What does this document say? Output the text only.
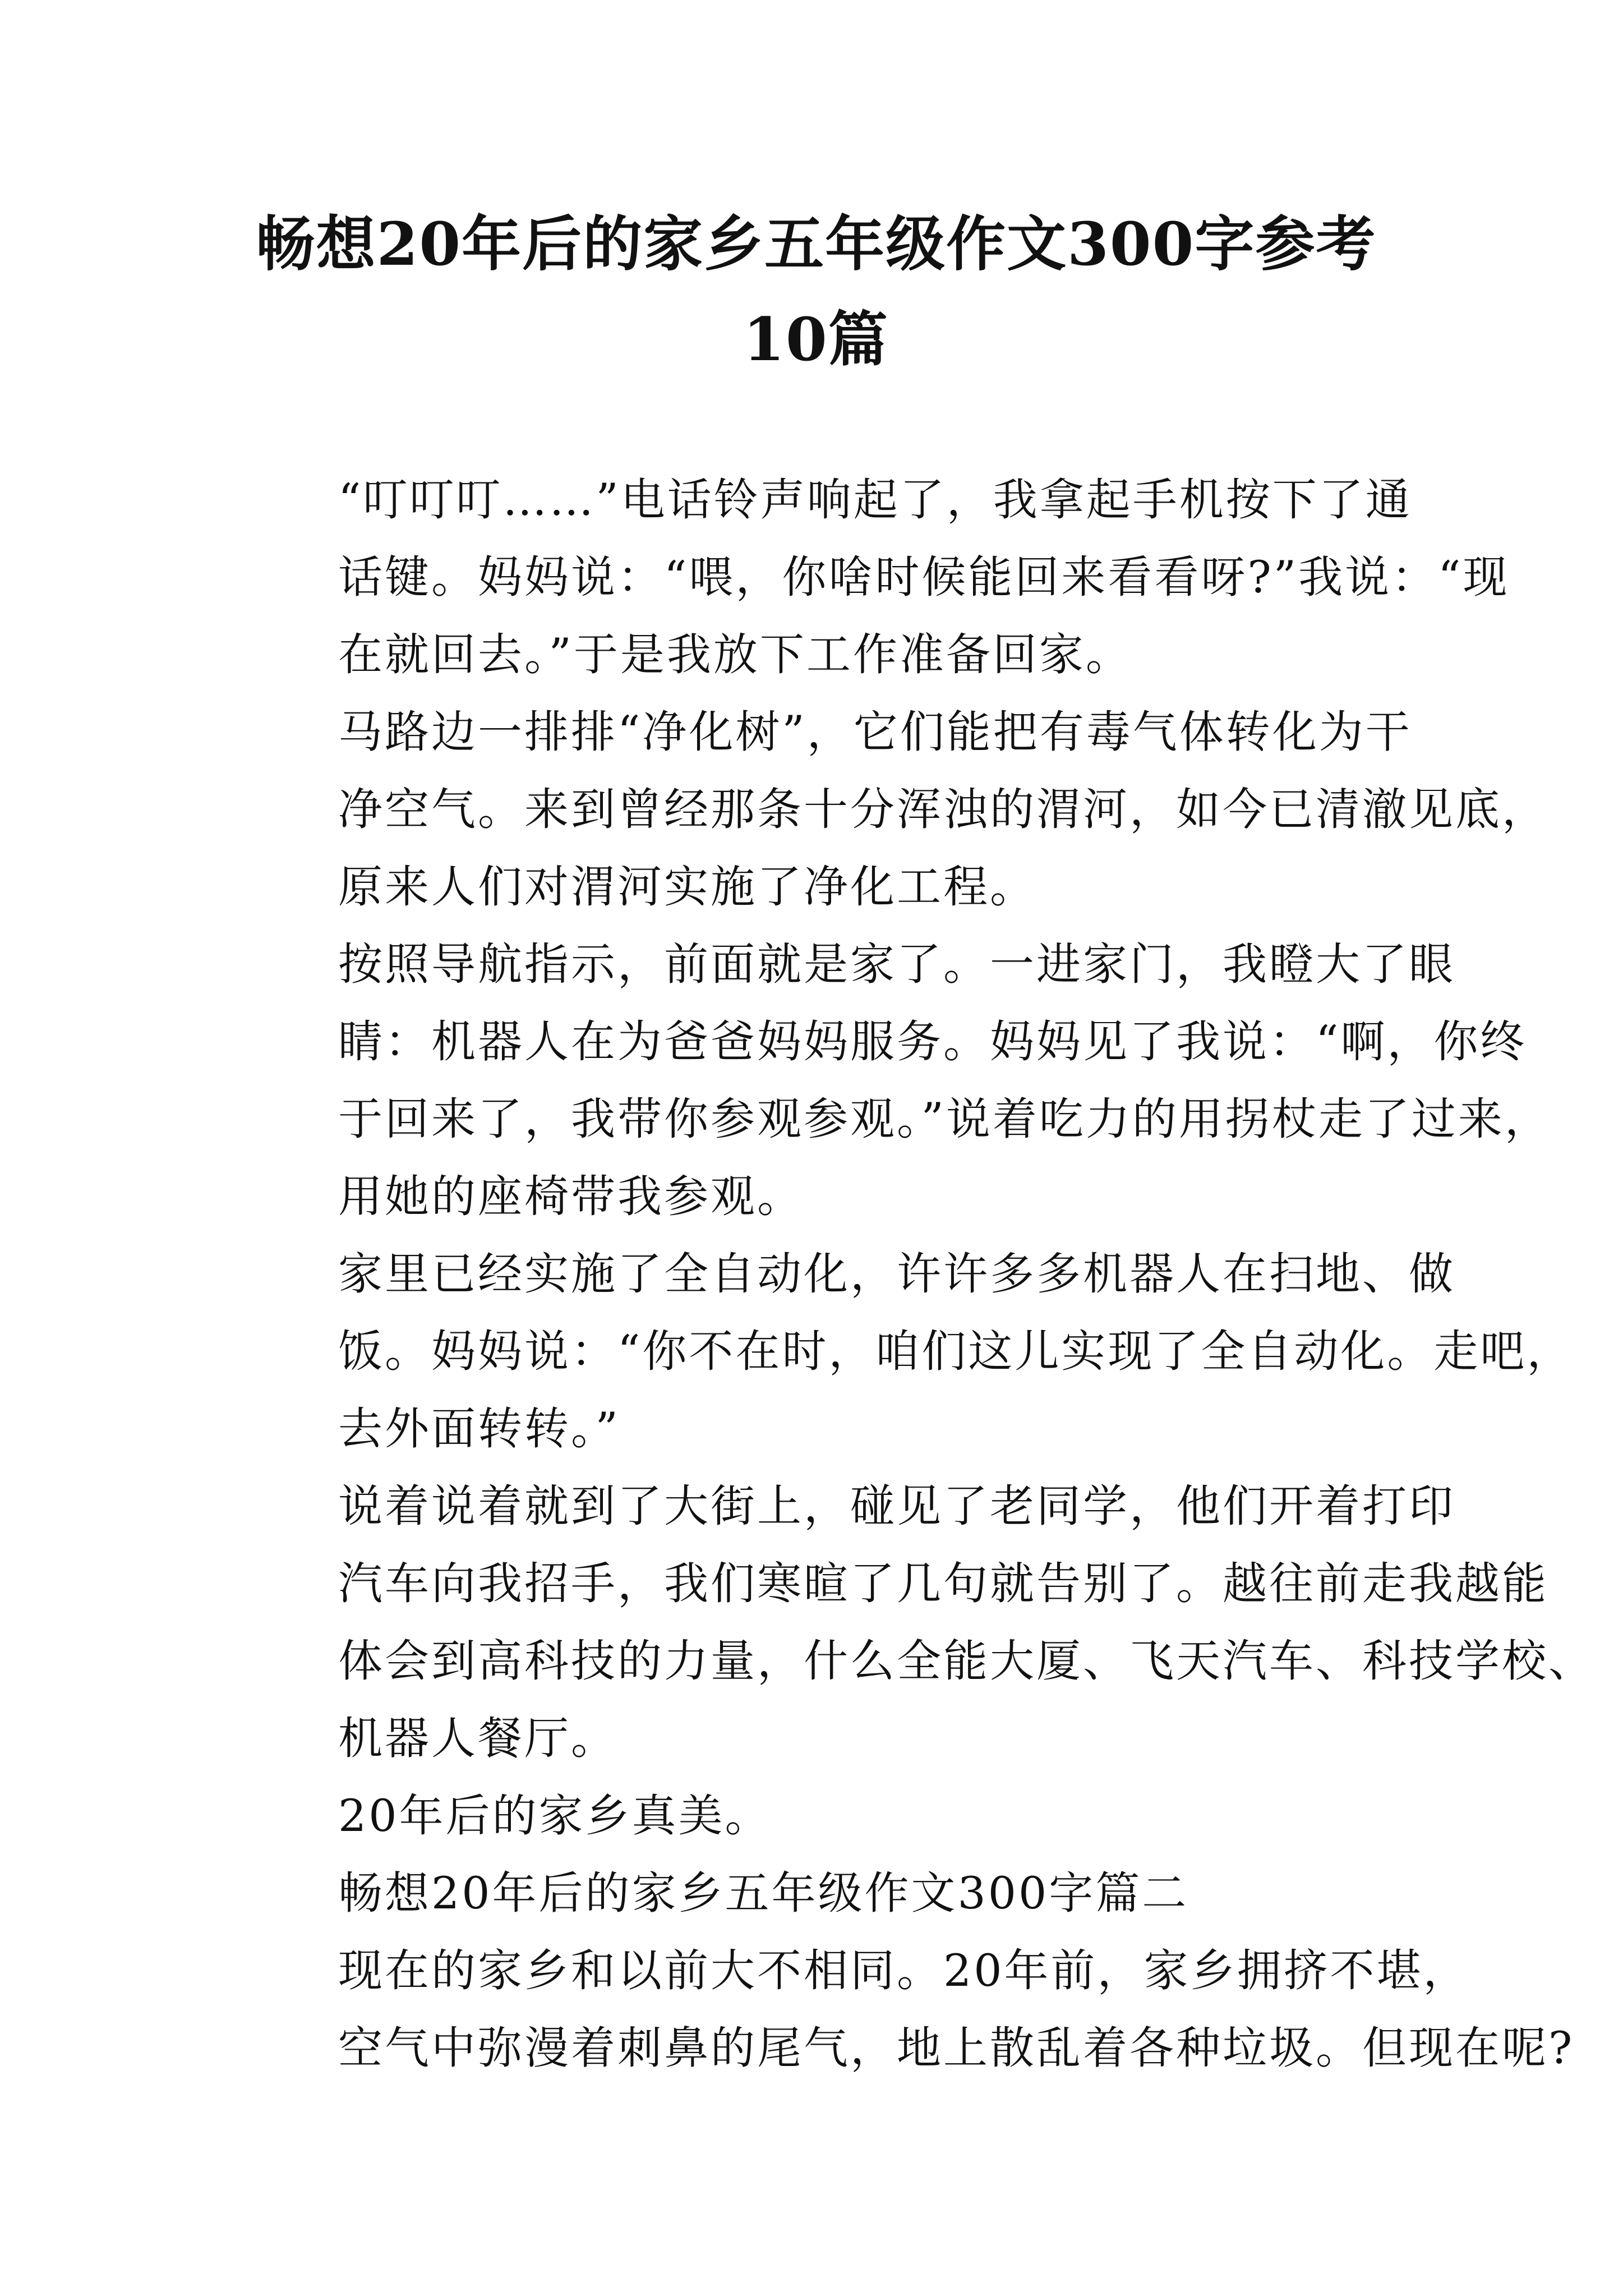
畅想20年后的家乡五年级作文300字参考
10篇

“叮叮叮……”电话铃声响起了，我拿起手机按下了通
话键。妈妈说：“喂，你啥时候能回来看看呀?”我说：“现
在就回去。”于是我放下工作准备回家。

马路边一排排“净化树”，它们能把有毒气体转化为干
净空气。来到曾经那条十分浑浊的渭河，如今已清澈见底，
原来人们对渭河实施了净化工程。

按照导航指示，前面就是家了。一进家门，我瞪大了眼
睛：机器人在为爸爸妈妈服务。妈妈见了我说：“啊，你终
于回来了，我带你参观参观。”说着吃力的用拐杖走了过来，
用她的座椅带我参观。

家里已经实施了全自动化，许许多多机器人在扫地、做
饭。妈妈说：“你不在时，咱们这儿实现了全自动化。走吧，
去外面转转。”

说着说着就到了大街上，碰见了老同学，他们开着打印
汽车向我招手，我们寒暄了几句就告别了。越往前走我越能
体会到高科技的力量，什么全能大厦、飞天汽车、科技学校、
机器人餐厅。

20年后的家乡真美。

畅想20年后的家乡五年级作文300字篇二

现在的家乡和以前大不相同。20年前，家乡拥挤不堪，
空气中弥漫着刺鼻的尾气，地上散乱着各种垃圾。但现在呢?
